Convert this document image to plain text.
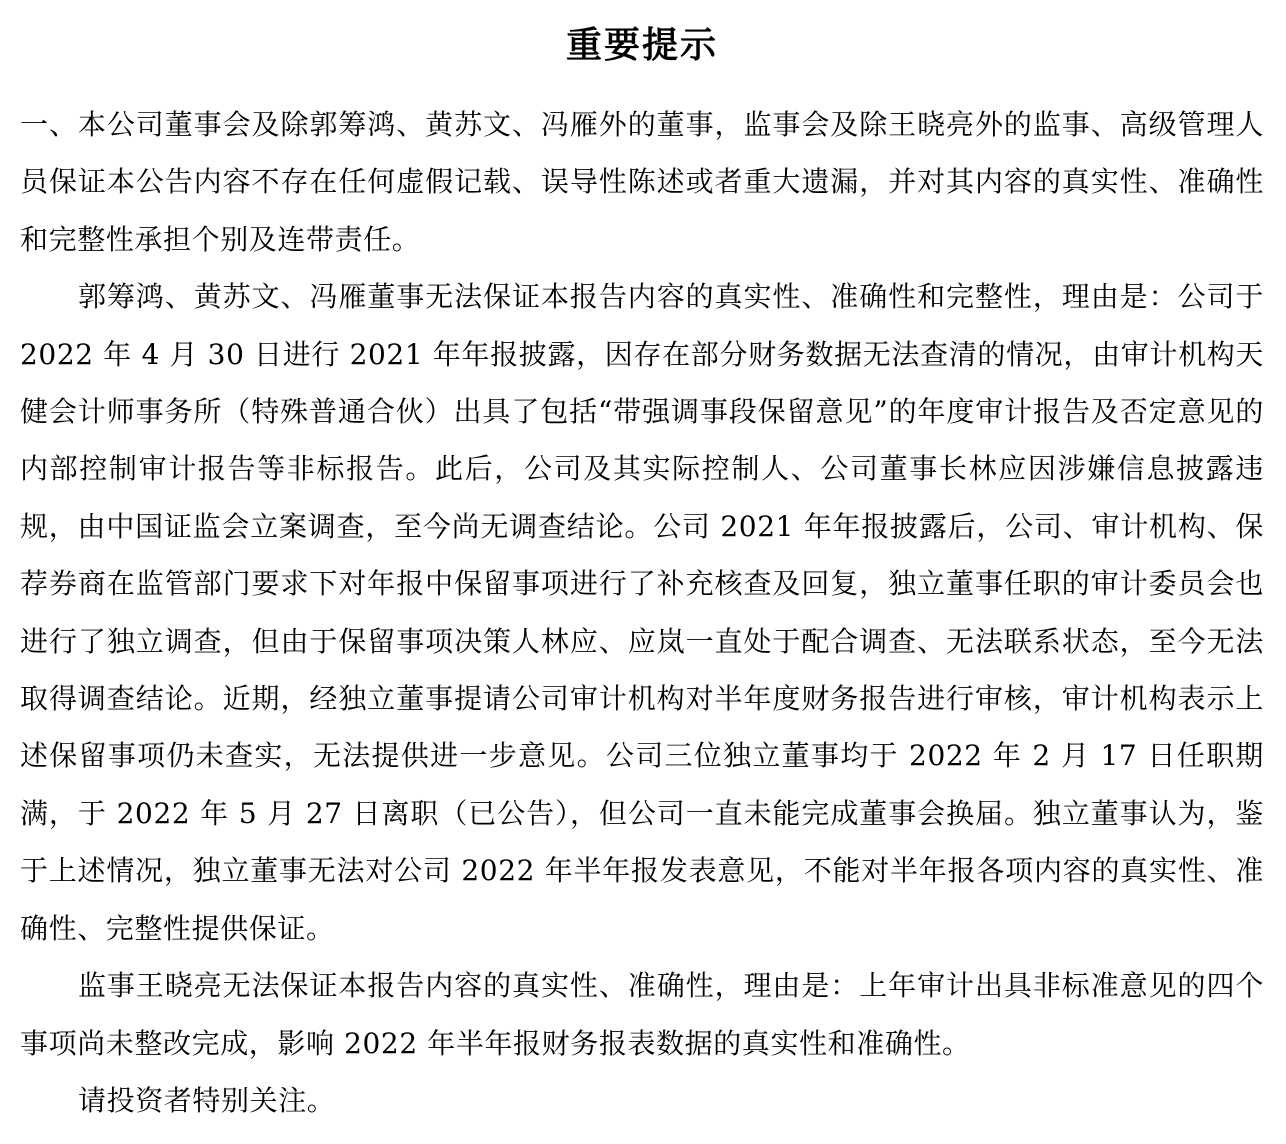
重要提示

一、本公司董事会及除郭筹鸿、黄苏文、冯雁外的董事，监事会及除王晓亮外的监事、高级管理人员保证本公告内容不存在任何虚假记载、误导性陈述或者重大遗漏，并对其内容的真实性、准确性和完整性承担个别及连带责任。

郭筹鸿、黄苏文、冯雁董事无法保证本报告内容的真实性、准确性和完整性，理由是：公司于 2022 年 4 月 30 日进行 2021 年年报披露，因存在部分财务数据无法查清的情况，由审计机构天健会计师事务所（特殊普通合伙）出具了包括“带强调事段保留意见”的年度审计报告及否定意见的内部控制审计报告等非标报告。此后，公司及其实际控制人、公司董事长林应因涉嫌信息披露违规，由中国证监会立案调查，至今尚无调查结论。公司 2021 年年报披露后，公司、审计机构、保荐券商在监管部门要求下对年报中保留事项进行了补充核查及回复，独立董事任职的审计委员会也进行了独立调查，但由于保留事项决策人林应、应岚一直处于配合调查、无法联系状态，至今无法取得调查结论。近期，经独立董事提请公司审计机构对半年度财务报告进行审核，审计机构表示上述保留事项仍未查实，无法提供进一步意见。公司三位独立董事均于 2022 年 2 月 17 日任职期满，于 2022 年 5 月 27 日离职（已公告），但公司一直未能完成董事会换届。独立董事认为，鉴于上述情况，独立董事无法对公司 2022 年半年报发表意见，不能对半年报各项内容的真实性、准确性、完整性提供保证。

监事王晓亮无法保证本报告内容的真实性、准确性，理由是：上年审计出具非标准意见的四个事项尚未整改完成，影响 2022 年半年报财务报表数据的真实性和准确性。

请投资者特别关注。
